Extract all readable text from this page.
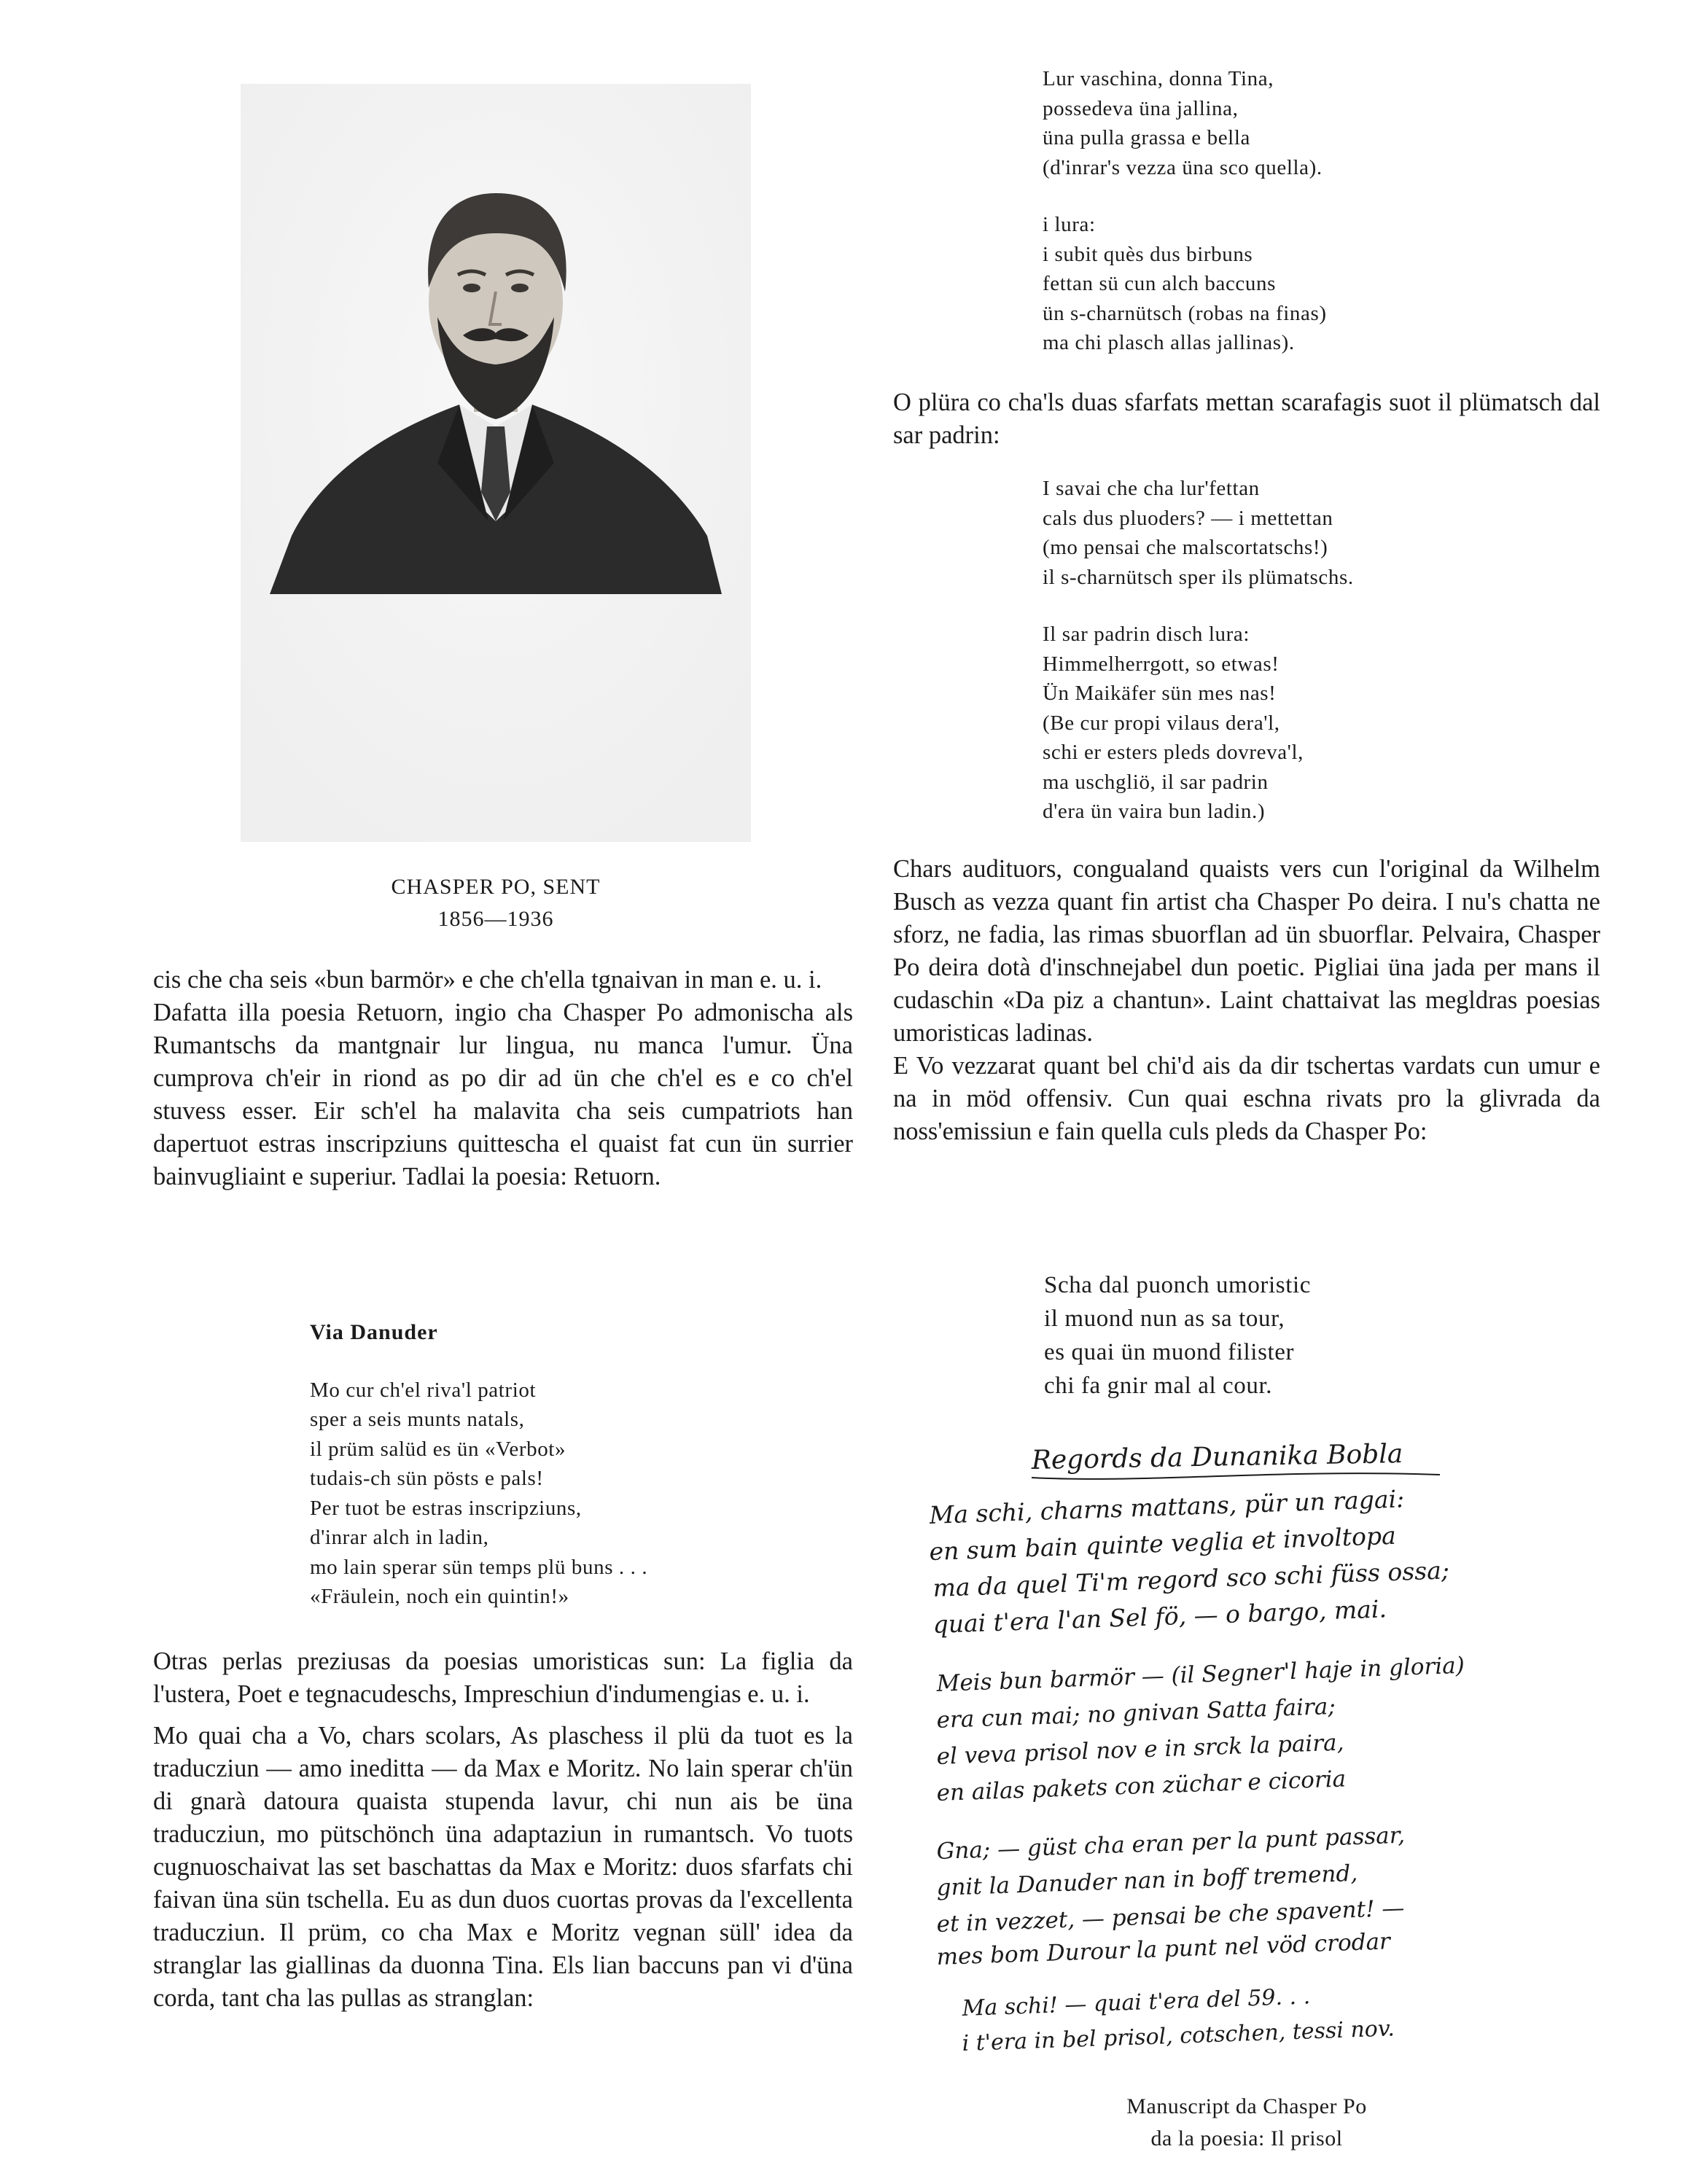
CHASPER PO, SENT
1856—1936

cis che cha seis «bun barmör» e che ch'ella tgnaivan in man e. u. i.

Dafatta illa poesia Retuorn, ingio cha Chasper Po admonischa als Rumantschs da mantgnair lur lingua, nu manca l'umur. Üna cumprova ch'eir in riond as po dir ad ün che ch'el es e co ch'el stuvess esser. Eir sch'el ha malavita cha seis cumpatriots han dapertuot estras inscripziuns quittescha el quaist fat cun ün surrier bainvugliaint e superiur. Tadlai la poesia: Retuorn.

Via Danuder
Mo cur ch'el riva'l patriot
sper a seis munts natals,
il prüm salüd es ün «Verbot»
tudais-ch sün pösts e pals!
Per tuot be estras inscripziuns,
d'inrar alch in ladin,
mo lain sperar sün temps plü buns . . .
«Fräulein, noch ein quintin!»

Otras perlas preziusas da poesias umoristicas sun: La figlia da l'ustera, Poet e tegnacudeschs, Impreschiun d'indumengias e. u. i.

Mo quai cha a Vo, chars scolars, As plaschess il plü da tuot es la traducziun — amo ineditta — da Max e Moritz. No lain sperar ch'ün di gnarà datoura quaista stupenda lavur, chi nun ais be üna traducziun, mo pütschönch üna adaptaziun in rumantsch. Vo tuots cugnuoschaivat las set baschattas da Max e Moritz: duos sfarfats chi faivan üna sün tschella. Eu as dun duos cuortas provas da l'excellenta traducziun. Il prüm, co cha Max e Moritz vegnan süll' idea da stranglar las giallinas da duonna Tina. Els lian baccuns pan vi d'üna corda, tant cha las pullas as stranglan:

Lur vaschina, donna Tina,
possedeva üna jallina,
üna pulla grassa e bella
(d'inrar's vezza üna sco quella).
i lura:
i subit quès dus birbuns
fettan sü cun alch baccuns
ün s-charnütsch (robas na finas)
ma chi plasch allas jallinas).

O plüra co cha'ls duas sfarfats mettan scarafagis suot il plümatsch dal sar padrin:

I savai che cha lur'fettan
cals dus pluoders? — i mettettan
(mo pensai che malscortatschs!)
il s-charnütsch sper ils plümatschs.
Il sar padrin disch lura:
Himmelherrgott, so etwas!
Ün Maikäfer sün mes nas!
(Be cur propi vilaus dera'l,
schi er esters pleds dovreva'l,
ma uschgliö, il sar padrin
d'era ün vaira bun ladin.)

Chars audituors, congualand quaists vers cun l'original da Wilhelm Busch as vezza quant fin artist cha Chasper Po deira. I nu's chatta ne sforz, ne fadia, las rimas sbuorflan ad ün sbuorflar. Pelvaira, Chasper Po deira dotà d'inschnejabel dun poetic. Pigliai üna jada per mans il cudaschin «Da piz a chantun». Laint chattaivat las megldras poesias umoristicas ladinas.

E Vo vezzarat quant bel chi'd ais da dir tschertas vardats cun umur e na in möd offensiv. Cun quai eschna rivats pro la glivrada da noss'emissiun e fain quella culs pleds da Chasper Po:

Scha dal puonch umoristic
il muond nun as sa tour,
es quai ün muond filister
chi fa gnir mal al cour.
Regords da Dunanika Bobla
Ma schi, charns mattans, pür un ragai:
en sum bain quinte veglia et involtopa
ma da quel Ti'm regord sco schi füss ossa;
quai t'era l'an Sel fö, — o bargo, mai.
Meis bun barmör — (il Segner'l haje in gloria)
era cun mai; no gnivan Satta faira;
el veva prisol nov e in srck la paira,
en ailas pakets con züchar e cicoria
Gna; — güst cha eran per la punt passar,
gnit la Danuder nan in boff tremend,
et in vezzet, — pensai be che spavent! —
mes bom Durour la punt nel vöd crodar
Ma schi! — quai t'era del 59. . .
i t'era in bel prisol, cotschen, tessi nov.
Manuscript da Chasper Po
da la poesia: Il prisol
